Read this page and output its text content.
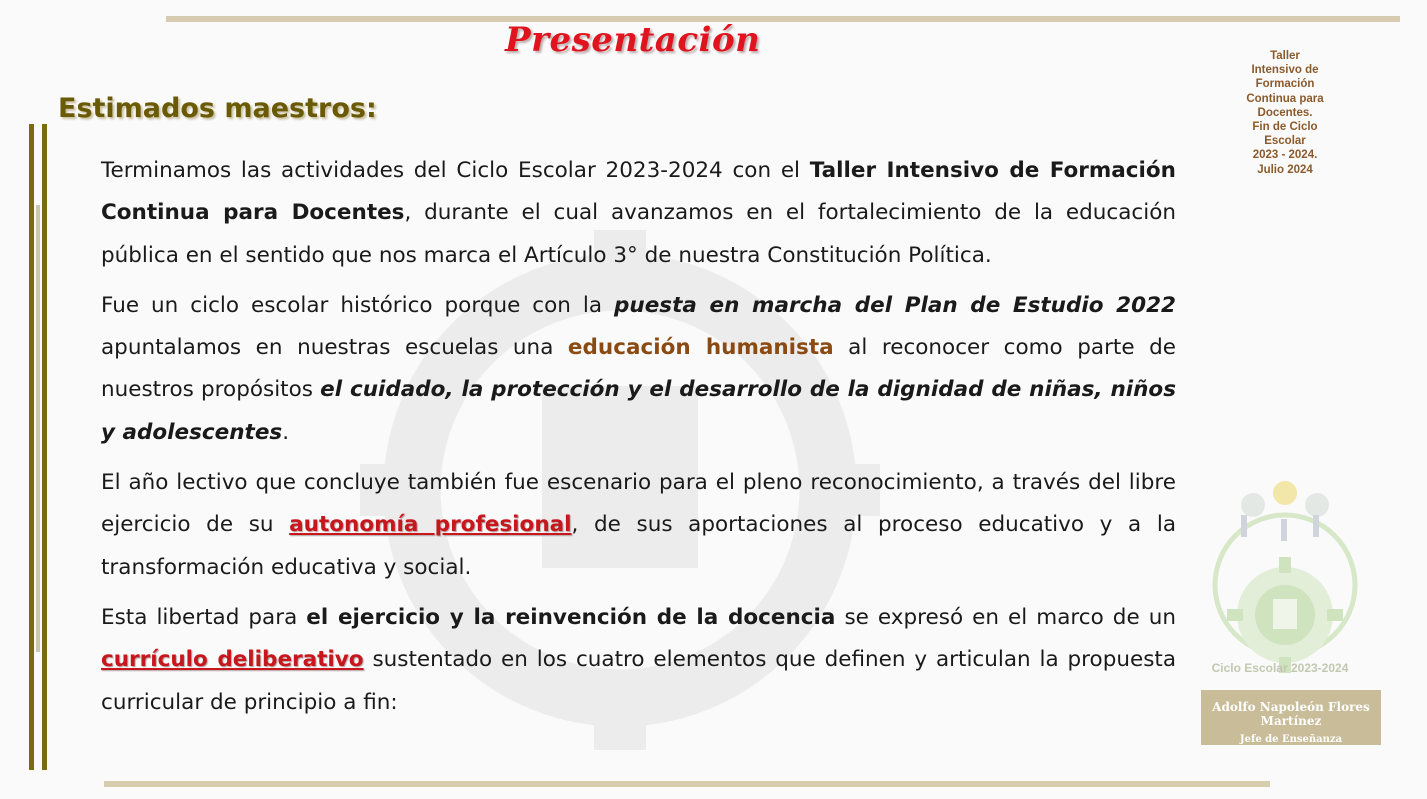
Presentación
Estimados maestros:
Taller
Intensivo de
Formación
Continua para
Docentes.
Fin de Ciclo
Escolar
2023 - 2024.
Julio 2024

Terminamos las actividades del Ciclo Escolar 2023-2024 con el Taller Intensivo de Formación Continua para Docentes, durante el cual avanzamos en el fortalecimiento de la educación pública en el sentido que nos marca el Artículo 3° de nuestra Constitución Política.

Fue un ciclo escolar histórico porque con la puesta en marcha del Plan de Estudio 2022 apuntalamos en nuestras escuelas una educación humanista al reconocer como parte de nuestros propósitos el cuidado, la protección y el desarrollo de la dignidad de niñas, niños y adolescentes.

El año lectivo que concluye también fue escenario para el pleno reconocimiento, a través del libre ejercicio de su autonomía profesional, de sus aportaciones al proceso educativo y a la transformación educativa y social.

Esta libertad para el ejercicio y la reinvención de la docencia se expresó en el marco de un currículo deliberativo sustentado en los cuatro elementos que definen y articulan la propuesta curricular de principio a fin:

Ciclo Escolar 2023-2024
Adolfo Napoleón Flores Martínez
Jefe de Enseñanza
